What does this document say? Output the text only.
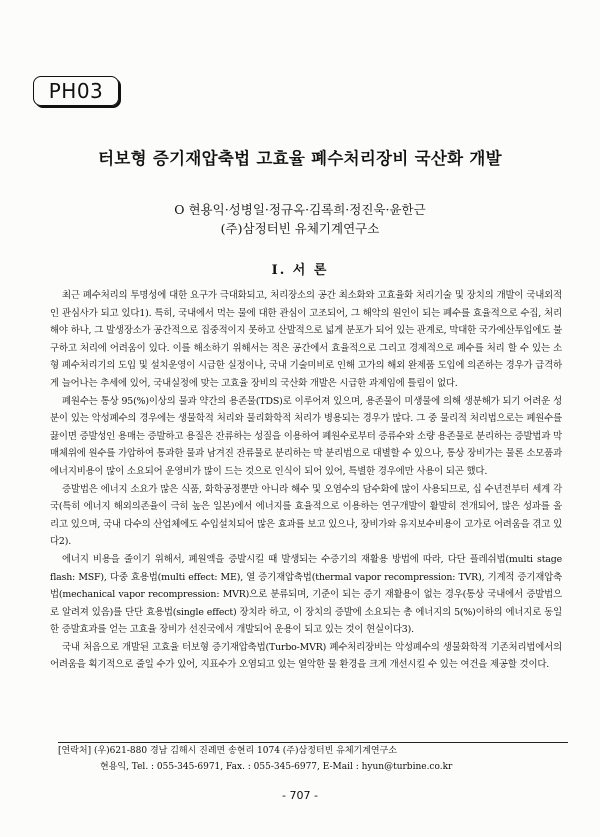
PH03
터보형 증기재압축법 고효율 폐수처리장비 국산화 개발
O 현용익·성병일·정규옥·김록희·정진욱·윤한근
(주)삼정터빈 유체기계연구소
I. 서 론

최근 폐수처리의 투명성에 대한 요구가 극대화되고, 처리장소의 공간 최소화와 고효율화 처리기술 및 장치의 개발이 국내외적인 관심사가 되고 있다1). 특히, 국내에서 먹는 물에 대한 관심이 고조되어, 그 해악의 원인이 되는 폐수를 효율적으로 수집, 처리해야 하나, 그 발생장소가 공간적으로 집중적이지 못하고 산발적으로 넓게 분포가 되어 있는 관계로, 막대한 국가예산투입에도 불구하고 처리에 어려움이 있다. 이를 해소하기 위해서는 적은 공간에서 효율적으로 그리고 경제적으로 폐수를 처리 할 수 있는 소형 폐수처리기의 도입 및 설치운영이 시급한 실정이나, 국내 기술미비로 인해 고가의 해외 완제품 도입에 의존하는 경우가 급격하게 늘어나는 추세에 있어, 국내실정에 맞는 고효율 장비의 국산화 개발은 시급한 과제임에 틀림이 없다.

폐원수는 통상 95(%)이상의 물과 약간의 용존물(TDS)로 이루어져 있으며, 용존물이 미생물에 의해 생분해가 되기 어려운 성분이 있는 악성폐수의 경우에는 생물학적 처리와 물리화학적 처리가 병용되는 경우가 많다. 그 중 물리적 처리법으로는 폐원수를 끓이면 증발성인 용매는 증발하고 용질은 잔류하는 성질을 이용하여 폐원수로부터 증류수와 소량 용존물로 분리하는 증발법과 막 매체위에 원수를 가압하여 통과한 물과 남겨진 잔류물로 분리하는 막 분리법으로 대별할 수 있으나, 통상 장비가는 물론 소모품과 에너지비용이 많이 소요되어 운영비가 많이 드는 것으로 인식이 되어 있어, 특별한 경우에만 사용이 되곤 했다.

증발법은 에너지 소요가 많은 식품, 화학공정뿐만 아니라 해수 및 오염수의 담수화에 많이 사용되므로, 십 수년전부터 세계 각국(특히 에너지 해외의존율이 극히 높은 일본)에서 에너지를 효율적으로 이용하는 연구개발이 활발히 전개되어, 많은 성과를 올리고 있으며, 국내 다수의 산업체에도 수입설치되어 많은 효과를 보고 있으나, 장비가와 유지보수비용이 고가로 어려움을 겪고 있다2).

에너지 비용을 줄이기 위해서, 폐원액을 증발시킬 때 발생되는 수증기의 재활용 방법에 따라, 다단 플레쉬법(multi stage flash: MSF), 다중 효용법(multi effect: ME), 열 증기재압축법(thermal vapor recompression: TVR), 기계적 증기재압축법(mechanical vapor recompression: MVR)으로 분류되며, 기준이 되는 증기 재활용이 없는 경우(통상 국내에서 증발법으로 알려져 있음)를 단단 효용법(single effect) 장치라 하고, 이 장치의 증발에 소요되는 총 에너지의 5(%)이하의 에너지로 동일한 증발효과를 얻는 고효율 장비가 선진국에서 개발되어 운용이 되고 있는 것이 현실이다3).

국내 처음으로 개발된 고효율 터보형 증기재압축법(Turbo-MVR) 폐수처리장비는 악성폐수의 생물화학적 기존처리법에서의 어려움을 획기적으로 줄일 수가 있어, 지표수가 오염되고 있는 열악한 물 환경을 크게 개선시킬 수 있는 여건을 제공할 것이다.

[연락처] (우)621-880 경남 김해시 진례면 송현리 1074 (주)삼정터빈 유체기계연구소
현용익, Tel. : 055-345-6971, Fax. : 055-345-6977, E-Mail : hyun@turbine.co.kr
- 707 -
